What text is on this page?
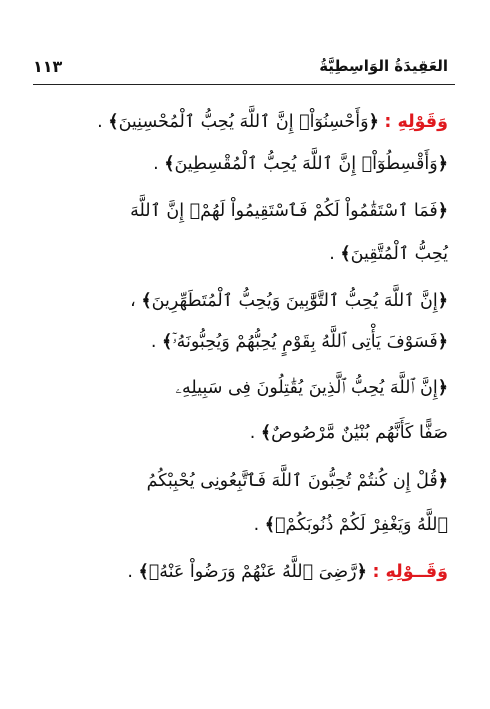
العَقِيدَةُ الوَاسِطِيَّةُ
١١٣
وَقَوْلِهِ : ﴿وَأَحْسِنُوٓاْۚ إِنَّ ٱللَّهَ يُحِبُّ ٱلْمُحْسِنِينَ﴾ .
﴿وَأَقْسِطُوٓاْۖ إِنَّ ٱللَّهَ يُحِبُّ ٱلْمُقْسِطِينَ﴾ .
﴿فَمَا ٱسْتَقَٰمُواْ لَكُمْ فَٱسْتَقِيمُواْ لَهُمْۚ إِنَّ ٱللَّهَ
يُحِبُّ ٱلْمُتَّقِينَ﴾ .
﴿إِنَّ ٱللَّهَ يُحِبُّ ٱلتَّوَّٰبِينَ وَيُحِبُّ ٱلْمُتَطَهِّرِينَ﴾ ،
﴿فَسَوْفَ يَأْتِى ٱللَّهُ بِقَوْمٍ يُحِبُّهُمْ وَيُحِبُّونَهُۥٓ﴾ .
﴿إِنَّ ٱللَّهَ يُحِبُّ ٱلَّذِينَ يُقَٰتِلُونَ فِى سَبِيلِهِۦ
صَفًّا كَأَنَّهُم بُنْيَٰنٌ مَّرْصُوصٌ﴾ .
﴿قُلْ إِن كُنتُمْ تُحِبُّونَ ٱللَّهَ فَٱتَّبِعُونِى يُحْبِبْكُمُ
ٱللَّهُ وَيَغْفِرْ لَكُمْ ذُنُوبَكُمْۗ﴾ .
وَقَــوْلِهِ : ﴿رَّضِىَ ٱللَّهُ عَنْهُمْ وَرَضُواْ عَنْهُۚ﴾ .
